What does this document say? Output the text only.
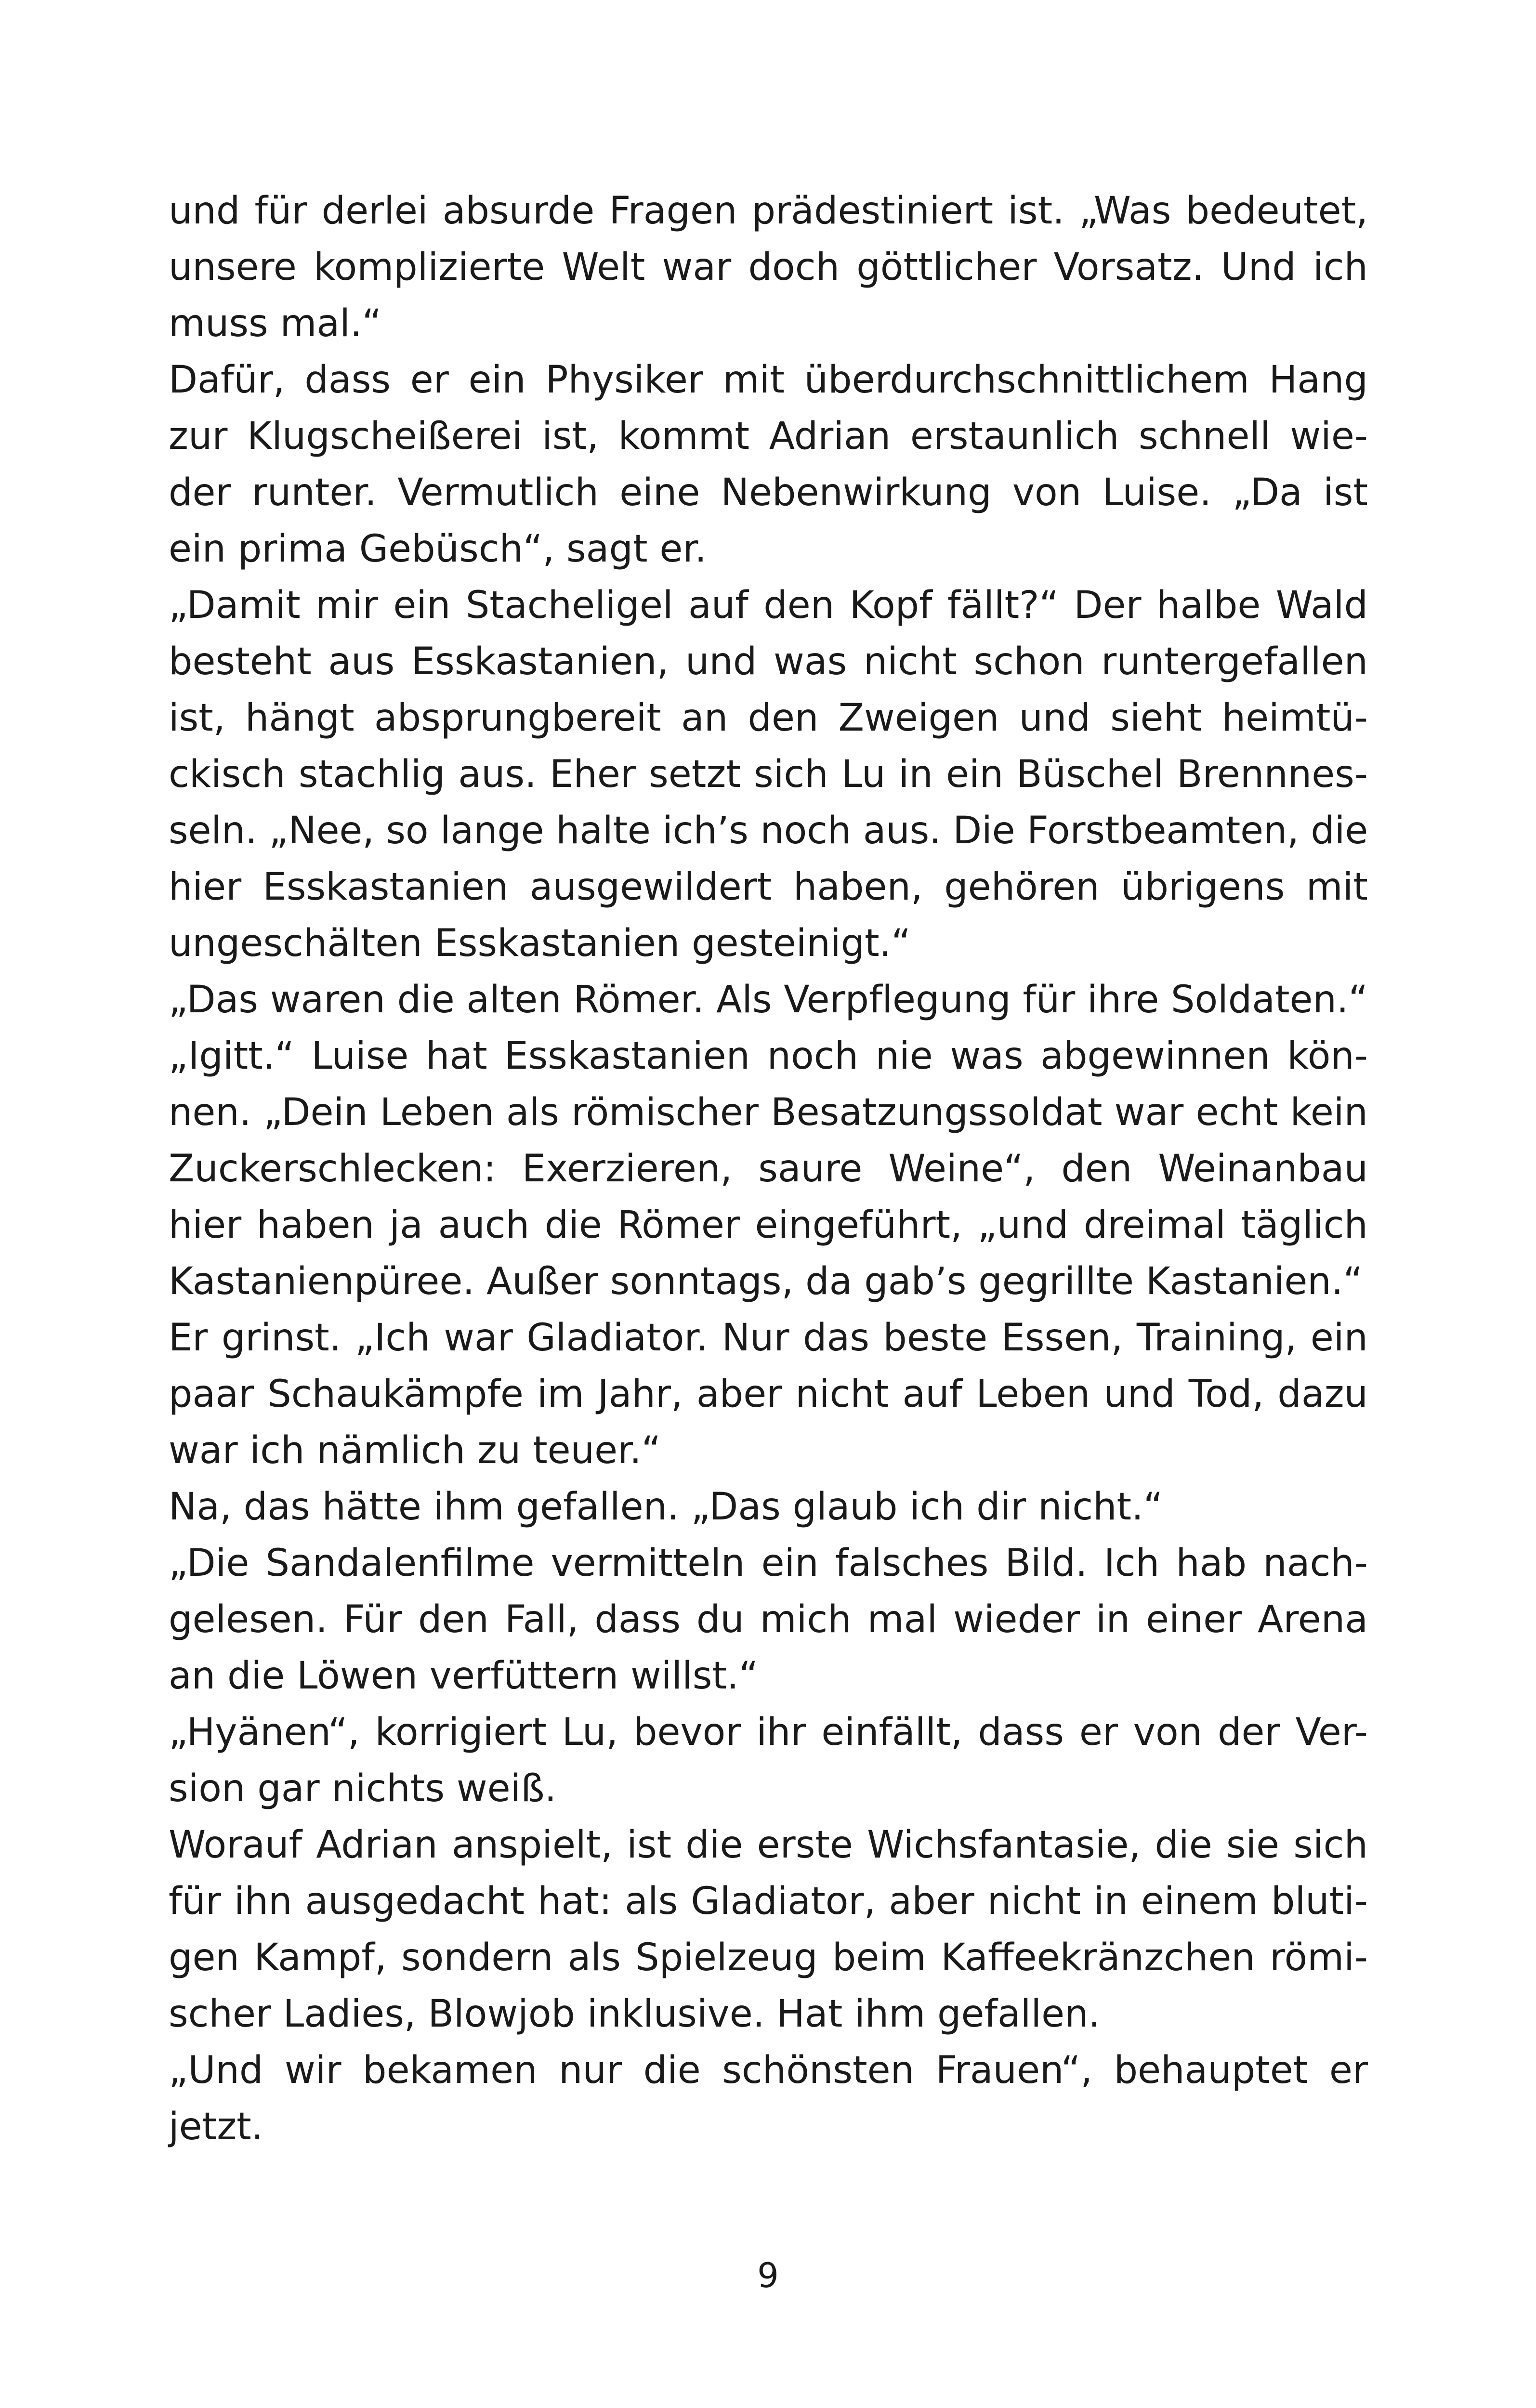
und für derlei absurde Fragen prädestiniert ist. „Was bedeutet,
unsere komplizierte Welt war doch göttlicher Vorsatz. Und ich
muss mal.“
Dafür, dass er ein Physiker mit überdurchschnittlichem Hang
zur Klugscheißerei ist, kommt Adrian erstaunlich schnell wie-
der runter. Vermutlich eine Nebenwirkung von Luise. „Da ist
ein prima Gebüsch“, sagt er.
„Damit mir ein Stacheligel auf den Kopf fällt?“ Der halbe Wald
besteht aus Esskastanien, und was nicht schon runtergefallen
ist, hängt absprungbereit an den Zweigen und sieht heimtü-
ckisch stachlig aus. Eher setzt sich Lu in ein Büschel Brennnes-
seln. „Nee, so lange halte ich’s noch aus. Die Forstbeamten, die
hier Esskastanien ausgewildert haben, gehören übrigens mit
ungeschälten Esskastanien gesteinigt.“
„Das waren die alten Römer. Als Verpflegung für ihre Soldaten.“
„Igitt.“ Luise hat Esskastanien noch nie was abgewinnen kön-
nen. „Dein Leben als römischer Besatzungssoldat war echt kein
Zuckerschlecken: Exerzieren, saure Weine“, den Weinanbau
hier haben ja auch die Römer eingeführt, „und dreimal täglich
Kastanienpüree. Außer sonntags, da gab’s gegrillte Kastanien.“
Er grinst. „Ich war Gladiator. Nur das beste Essen, Training, ein
paar Schaukämpfe im Jahr, aber nicht auf Leben und Tod, dazu
war ich nämlich zu teuer.“
Na, das hätte ihm gefallen. „Das glaub ich dir nicht.“
„Die Sandalenfilme vermitteln ein falsches Bild. Ich hab nach-
gelesen. Für den Fall, dass du mich mal wieder in einer Arena
an die Löwen verfüttern willst.“
„Hyänen“, korrigiert Lu, bevor ihr einfällt, dass er von der Ver-
sion gar nichts weiß.
Worauf Adrian anspielt, ist die erste Wichsfantasie, die sie sich
für ihn ausgedacht hat: als Gladiator, aber nicht in einem bluti-
gen Kampf, sondern als Spielzeug beim Kaffeekränzchen römi-
scher Ladies, Blowjob inklusive. Hat ihm gefallen.
„Und wir bekamen nur die schönsten Frauen“, behauptet er
jetzt.
9
